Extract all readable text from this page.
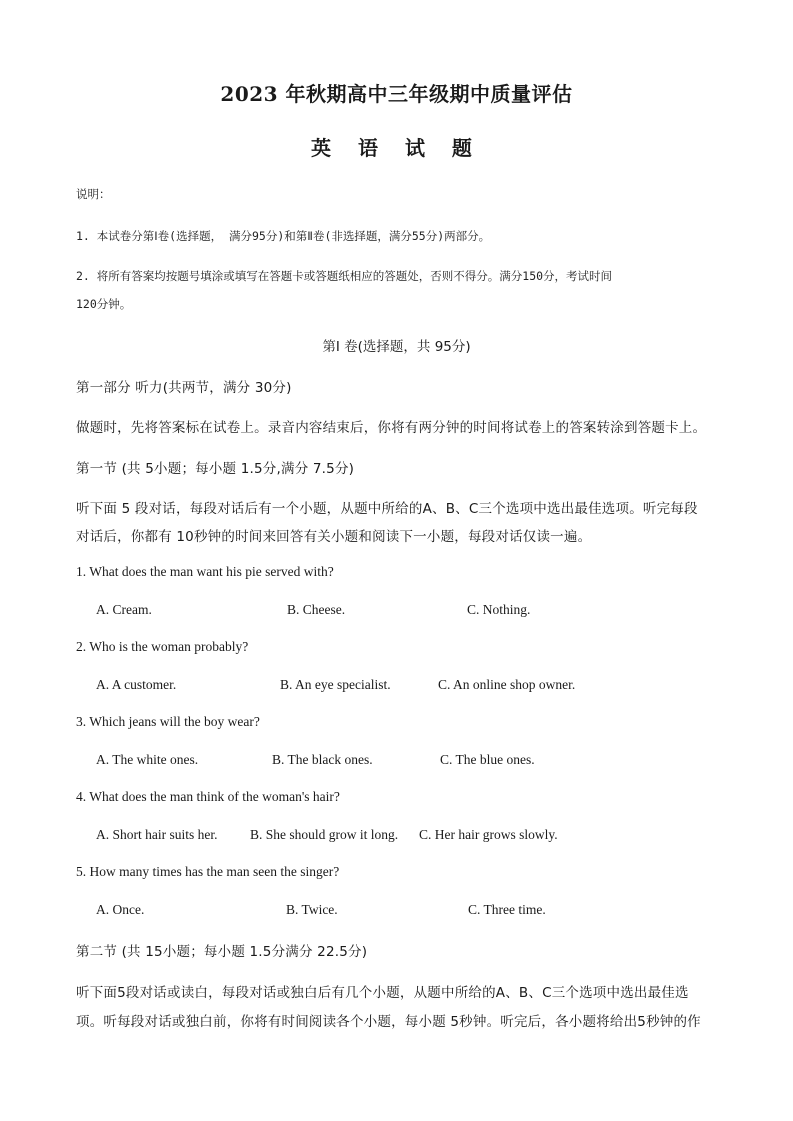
2023 年秋期高中三年级期中质量评估
英 语 试 题
说明：
1. 本试卷分第Ⅰ卷(选择题， 满分95分)和第Ⅱ卷(非选择题，满分55分)两部分。
2. 将所有答案均按题号填涂或填写在答题卡或答题纸相应的答题处，否则不得分。满分150分，考试时间
120分钟。
第Ⅰ 卷(选择题，共 95分)
第一部分 听力(共两节，满分 30分)
做题时，先将答案标在试卷上。录音内容结束后，你将有两分钟的时间将试卷上的答案转涂到答题卡上。
第一节 (共 5小题；每小题 1.5分,满分 7.5分)
听下面 5 段对话，每段对话后有一个小题，从题中所给的A、B、C三个选项中选出最佳选项。听完每段
对话后，你都有 10秒钟的时间来回答有关小题和阅读下一小题，每段对话仅读一遍。
1. What does the man want his pie served with?
A. Cream.	B. Cheese.	C. Nothing.
2. Who is the woman probably?
A. A customer.	B. An eye specialist.	C. An online shop owner.
3. Which jeans will the boy wear?
A. The white ones.	B. The black ones.	C. The blue ones.
4. What does the man think of the woman's hair?
A. Short hair suits her. B. She should grow it long. C. Her hair grows slowly.
5. How many times has the man seen the singer?
A. Once.	B. Twice.	C. Three time.
第二节 (共 15小题；每小题 1.5分满分 22.5分)
听下面5段对话或读白，每段对话或独白后有几个小题，从题中所给的A、B、C三个选项中选出最佳选
项。听每段对话或独白前，你将有时间阅读各个小题，每小题 5秒钟。听完后，各小题将给出5秒钟的作
